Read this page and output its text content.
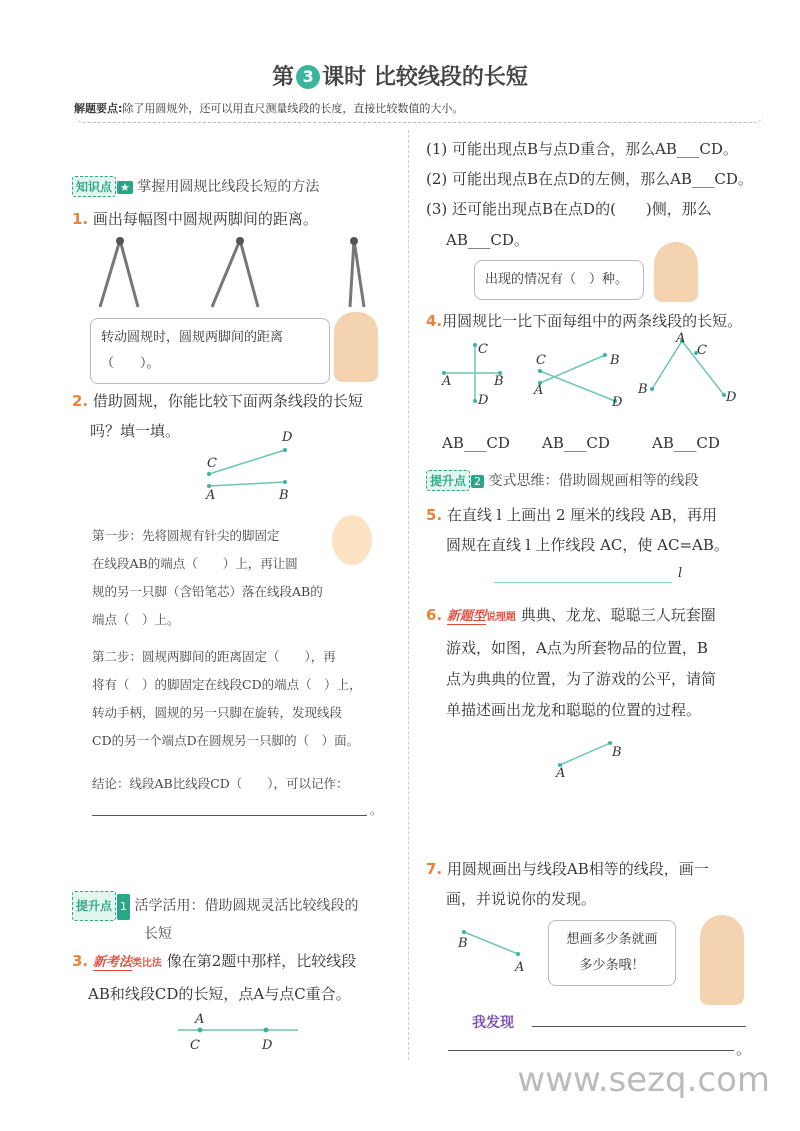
第 3 课时 比较线段的长短
解题要点:除了用圆规外，还可以用直尺测量线段的长度，直接比较数值的大小。
知识点 ★ 掌握用圆规比线段长短的方法
1. 画出每幅图中圆规两脚间的距离。
转动圆规时，圆规两脚间的距离（　　）。
2. 借助圆规，你能比较下面两条线段的长短
吗？填一填。	D
C
A	B
第一步：先将圆规有针尖的脚固定
在线段AB的端点（　　）上，再让圆
规的另一只脚（含铅笔芯）落在线段AB的
端点（　）上。
第二步：圆规两脚间的距离固定（　　），再
将有（　）的脚固定在线段CD的端点（　）上，
转动手柄，圆规的另一只脚在旋转，发现线段
CD的另一个端点D在圆规另一只脚的（　）面。
结论：线段AB比线段CD（　　），可以记作：
。
提升点 1 活学活用：借助圆规灵活比较线段的
长短
3. 新考法类比法 像在第2题中那样，比较线段
AB和线段CD的长短，点A与点C重合。
A
C	D
(1) 可能出现点B与点D重合，那么AB___CD。
(2) 可能出现点B在点D的左侧，那么AB___CD。
(3) 还可能出现点B在点D的(　　)侧，那么
AB___CD。
出现的情况有（　）种。
4.用圆规比一比下面每组中的两条线段的长短。
C
A	B
D
C	B
A
D
A
C
B
D
AB___CD AB___CD	AB___CD
提升点 2 变式思维：借助圆规画相等的线段
5. 在直线 l 上画出 2 厘米的线段 AB，再用
圆规在直线 l 上作线段 AC，使 AC=AB。
l
6. 新题型说理题 典典、龙龙、聪聪三人玩套圈
游戏，如图，A点为所套物品的位置，B
点为典典的位置，为了游戏的公平，请简
单描述画出龙龙和聪聪的位置的过程。
B
A
7. 用圆规画出与线段AB相等的线段，画一
画，并说说你的发现。
B
A
想画多少条就画
多少条哦！
我发现
。
www.sezq.com
